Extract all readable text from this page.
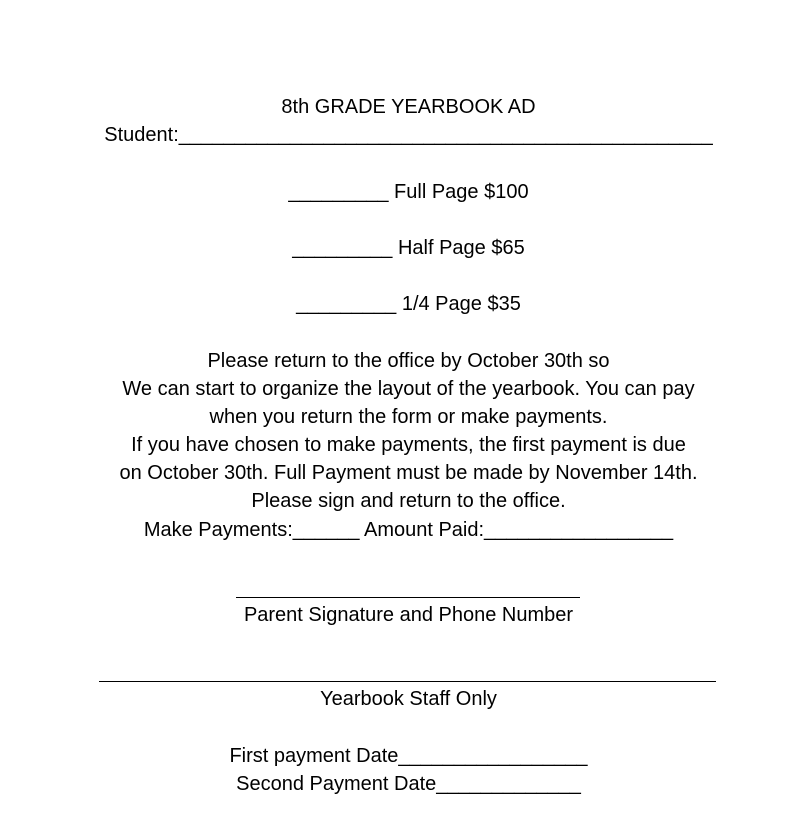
8th GRADE YEARBOOK AD
Student:________________________________________________
_________ Full Page $100
_________ Half Page $65
_________ 1/4 Page $35
Please return to the office by October 30th so
We can start to organize the layout of the yearbook. You can pay
when you return the form or make payments.
If you have chosen to make payments, the first payment is due
on October 30th. Full Payment must be made by November 14th.
Please sign and return to the office.
Make Payments:______ Amount Paid:_________________
Parent Signature and Phone Number
Yearbook Staff Only
First payment Date_________________
Second Payment Date_____________
